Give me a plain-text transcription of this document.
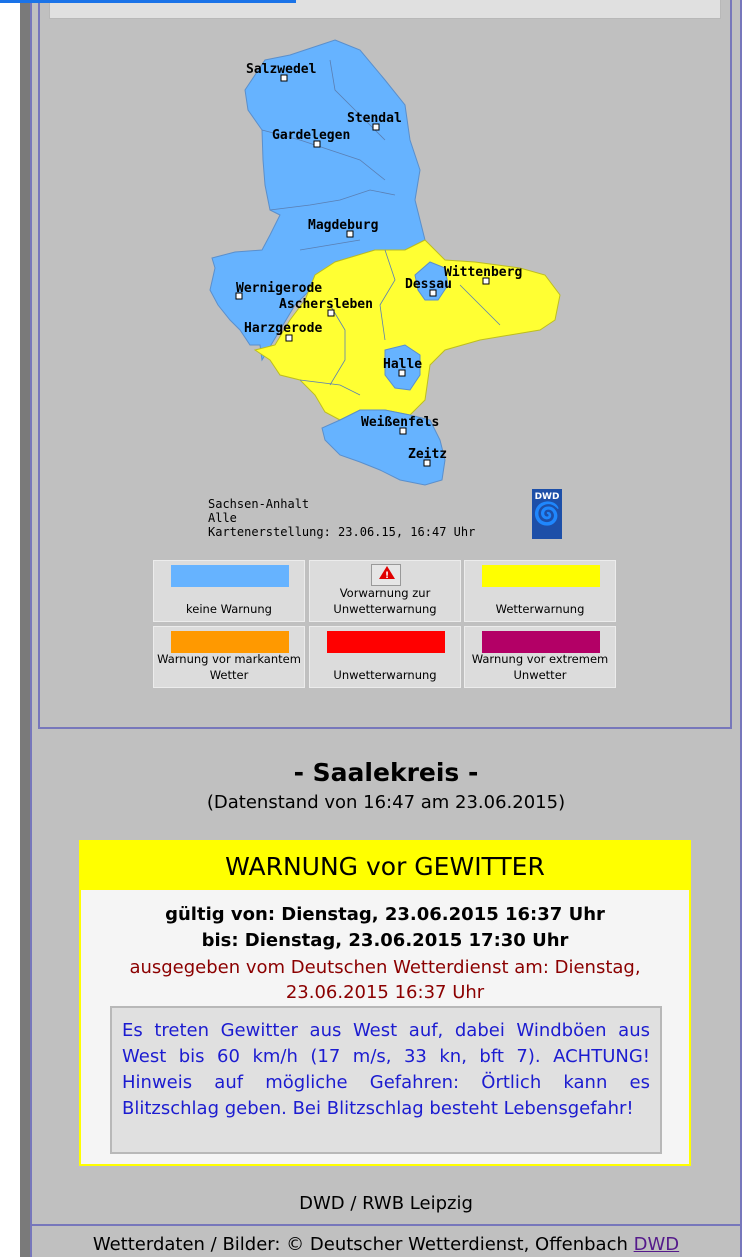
Salzwedel
Stendal
Gardelegen
Magdeburg
Wittenberg
Dessau
Wernigerode
Aschersleben
Harzgerode
Halle
Weißenfels
Zeitz
Sachsen-Anhalt
Alle
Kartenerstellung: 23.06.15, 16:47 Uhr
DWD
🌀
keine Warnung
!
Vorwarnung zur Unwetterwarnung	Wetterwarnung
Warnung vor markantem Wetter	Unwetterwarnung
Warnung vor extremem Unwetter
- Saalekreis -
(Datenstand von 16:47 am 23.06.2015)
WARNUNG vor GEWITTER
gültig von: Dienstag, 23.06.2015 16:37 Uhr
bis: Dienstag, 23.06.2015 17:30 Uhr
ausgegeben vom Deutschen Wetterdienst am: Dienstag,
23.06.2015 16:37 Uhr

Es treten Gewitter aus West auf, dabei Windböen aus West bis 60 km/h (17 m/s, 33 kn, bft 7). ACHTUNG! Hinweis auf mögliche Gefahren: Örtlich kann es Blitzschlag geben. Bei Blitzschlag besteht Lebensgefahr!

DWD / RWB Leipzig
Wetterdaten / Bilder: © Deutscher Wetterdienst, Offenbach DWD
